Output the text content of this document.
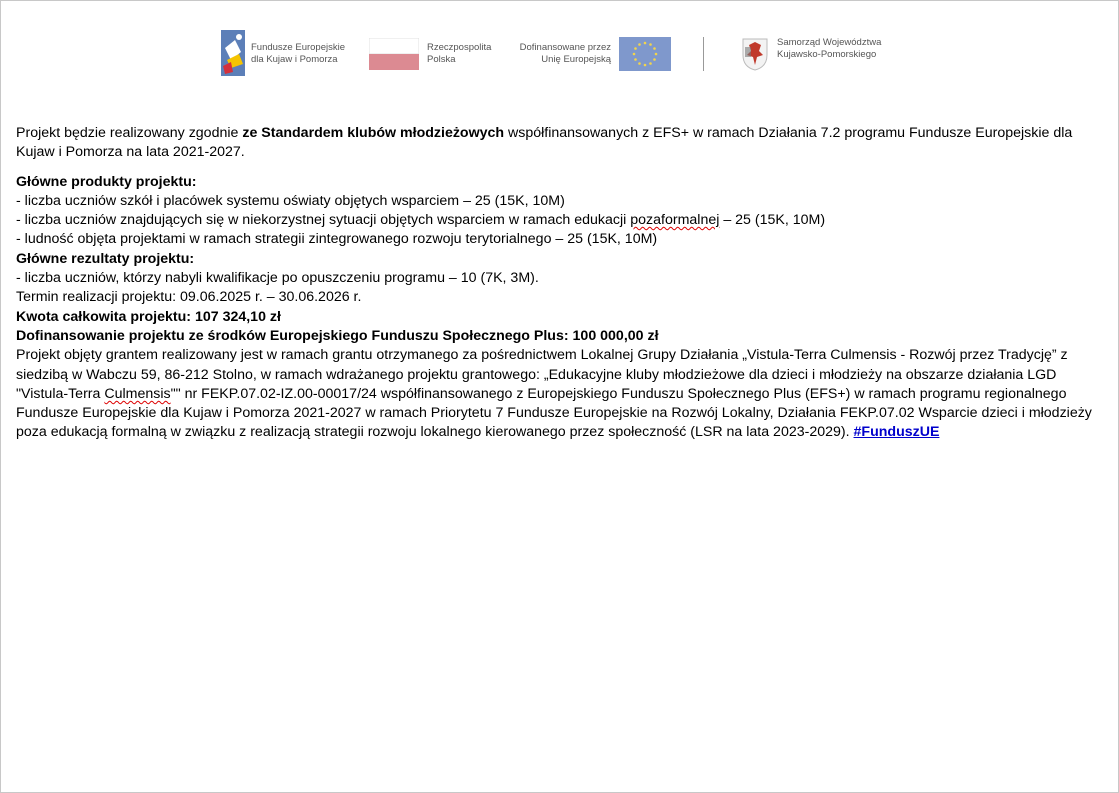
Fundusze Europejskie
dla Kujaw i Pomorza
Rzeczpospolita
Polska
Dofinansowane przez
Unię Europejską
Samorząd Województwa
Kujawsko-Pomorskiego

Projekt będzie realizowany zgodnie ze Standardem klubów młodzieżowych współfinansowanych z EFS+ w ramach Działania 7.2 programu Fundusze Europejskie dla Kujaw i Pomorza na lata 2021-2027.

Główne produkty projektu:

- liczba uczniów szkół i placówek systemu oświaty objętych wsparciem – 25 (15K, 10M)

- liczba uczniów znajdujących się w niekorzystnej sytuacji objętych wsparciem w ramach edukacji pozaformalnej – 25 (15K, 10M)

- ludność objęta projektami w ramach strategii zintegrowanego rozwoju terytorialnego – 25 (15K, 10M)

Główne rezultaty projektu:

- liczba uczniów, którzy nabyli kwalifikacje po opuszczeniu programu – 10 (7K, 3M).

Termin realizacji projektu: 09.06.2025 r. – 30.06.2026 r.

Kwota całkowita projektu: 107 324,10 zł

Dofinansowanie projektu ze środków Europejskiego Funduszu Społecznego Plus: 100 000,00 zł

Projekt objęty grantem realizowany jest w ramach grantu otrzymanego za pośrednictwem Lokalnej Grupy Działania „Vistula-Terra Culmensis - Rozwój przez Tradycję” z siedzibą w Wabczu 59, 86-212 Stolno, w ramach wdrażanego projektu grantowego: „Edukacyjne kluby młodzieżowe dla dzieci i młodzieży na obszarze działania LGD "Vistula-Terra Culmensis"" nr FEKP.07.02-IZ.00-00017/24 współfinansowanego z Europejskiego Funduszu Społecznego Plus (EFS+) w ramach programu regionalnego Fundusze Europejskie dla Kujaw i Pomorza 2021-2027 w ramach Priorytetu 7 Fundusze Europejskie na Rozwój Lokalny, Działania FEKP.07.02 Wsparcie dzieci i młodzieży poza edukacją formalną w związku z realizacją strategii rozwoju lokalnego kierowanego przez społeczność (LSR na lata 2023-2029). #FunduszUE
